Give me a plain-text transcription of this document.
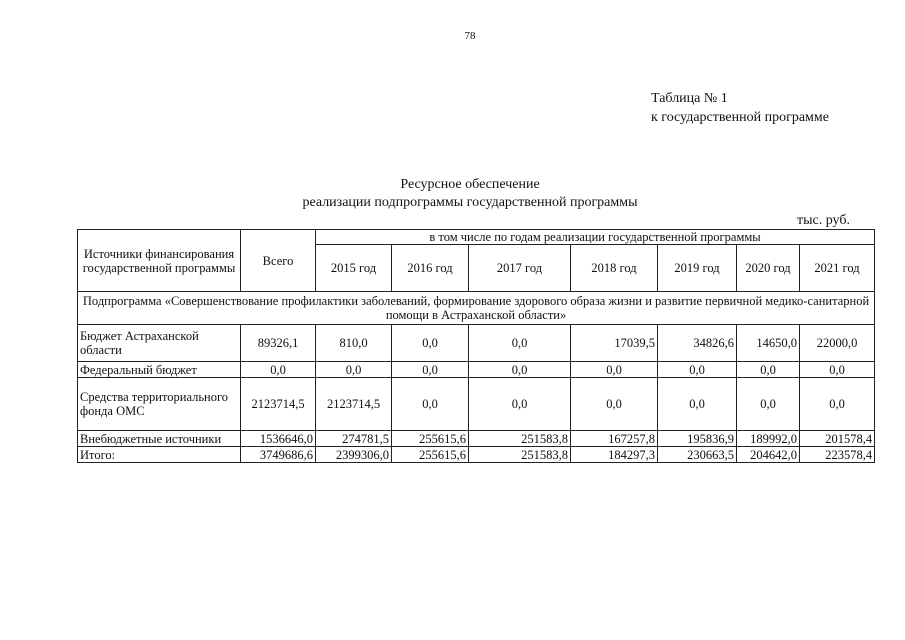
78
Таблица № 1
к государственной программе
Ресурсное обеспечение
реализации подпрограммы государственной программы
тыс. руб.
Источники финансирования государственной программы	Всего	в том числе по годам реализации государственной программы						
		2015 год	2016 год	2017 год	2018 год	2019 год	2020 год	2021 год
Подпрограмма «Совершенствование профилактики заболеваний, формирование здорового образа жизни и развитие первичной медико-санитарной помощи в Астраханской области»								
Бюджет Астраханской области	89326,1	810,0	0,0	0,0	17039,5	34826,6	14650,0	22000,0
Федеральный бюджет	0,0	0,0	0,0	0,0	0,0	0,0	0,0	0,0
Средства территориального фонда ОМС	2123714,5	2123714,5	0,0	0,0	0,0	0,0	0,0	0,0
Внебюджетные источники	1536646,0	274781,5	255615,6	251583,8	167257,8	195836,9	189992,0	201578,4
Итого:	3749686,6	2399306,0	255615,6	251583,8	184297,3	230663,5	204642,0	223578,4
